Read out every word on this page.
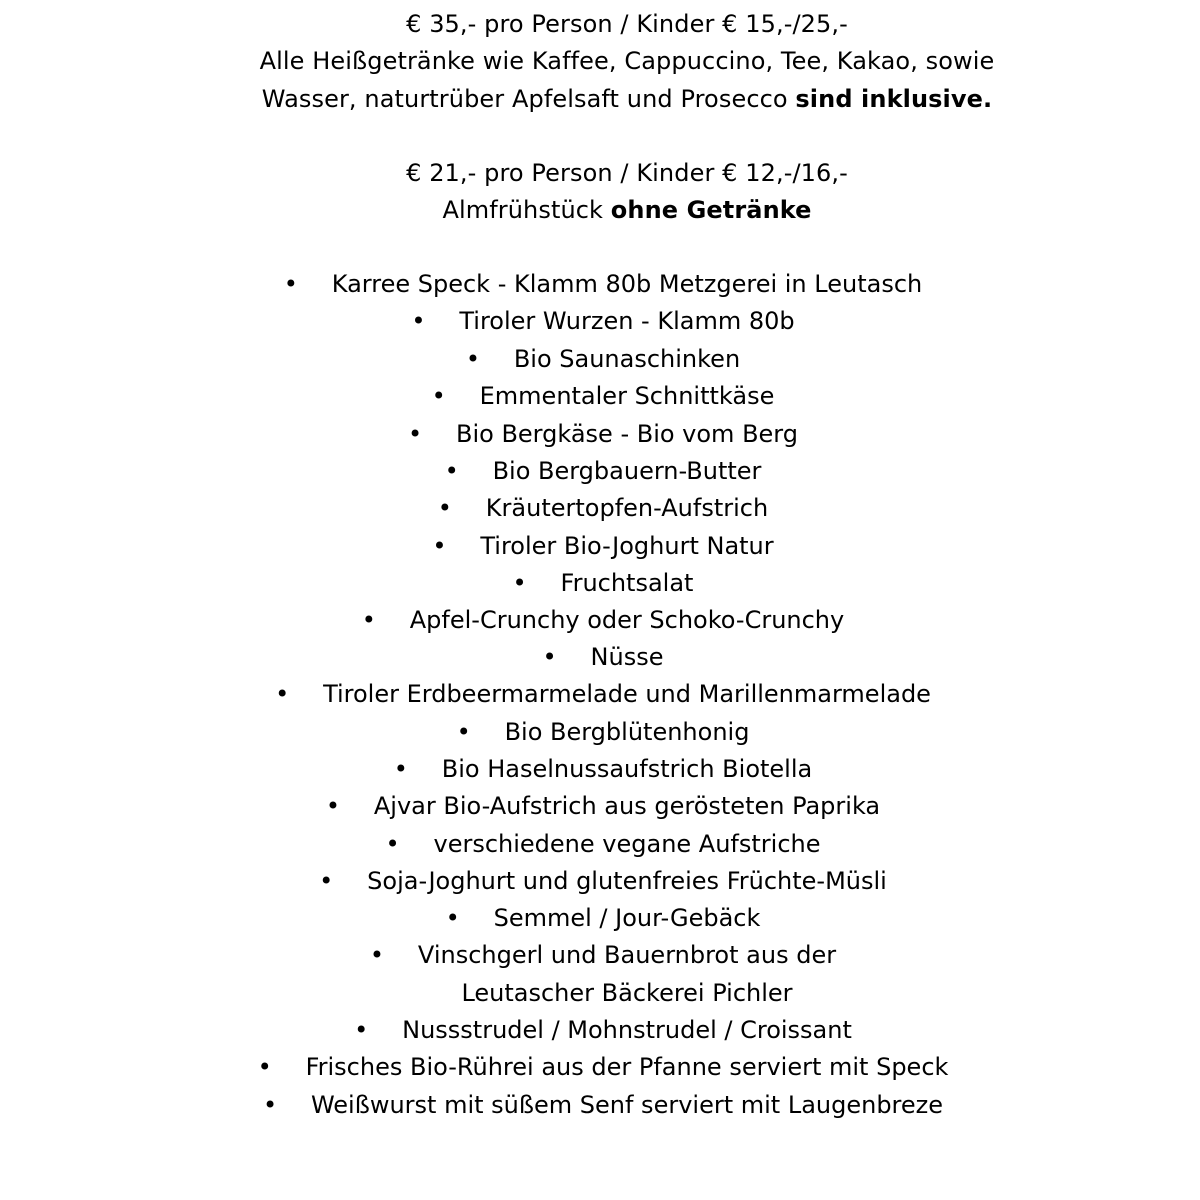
€ 35,- pro Person / Kinder € 15,-/25,-
Alle Heißgetränke wie Kaffee, Cappuccino, Tee, Kakao, sowie
Wasser, naturtrüber Apfelsaft und Prosecco sind inklusive.
€ 21,- pro Person / Kinder € 12,-/16,-
Almfrühstück ohne Getränke
• Karree Speck - Klamm 80b Metzgerei in Leutasch
• Tiroler Wurzen - Klamm 80b
• Bio Saunaschinken
• Emmentaler Schnittkäse
• Bio Bergkäse - Bio vom Berg
• Bio Bergbauern-Butter
• Kräutertopfen-Aufstrich
• Tiroler Bio-Joghurt Natur
• Fruchtsalat
• Apfel-Crunchy oder Schoko-Crunchy
• Nüsse
• Tiroler Erdbeermarmelade und Marillenmarmelade
• Bio Bergblütenhonig
• Bio Haselnussaufstrich Biotella
• Ajvar Bio-Aufstrich aus gerösteten Paprika
• verschiedene vegane Aufstriche
• Soja-Joghurt und glutenfreies Früchte-Müsli
• Semmel / Jour-Gebäck
• Vinschgerl und Bauernbrot aus der
Leutascher Bäckerei Pichler
• Nussstrudel / Mohnstrudel / Croissant
• Frisches Bio-Rührei aus der Pfanne serviert mit Speck
• Weißwurst mit süßem Senf serviert mit Laugenbreze
